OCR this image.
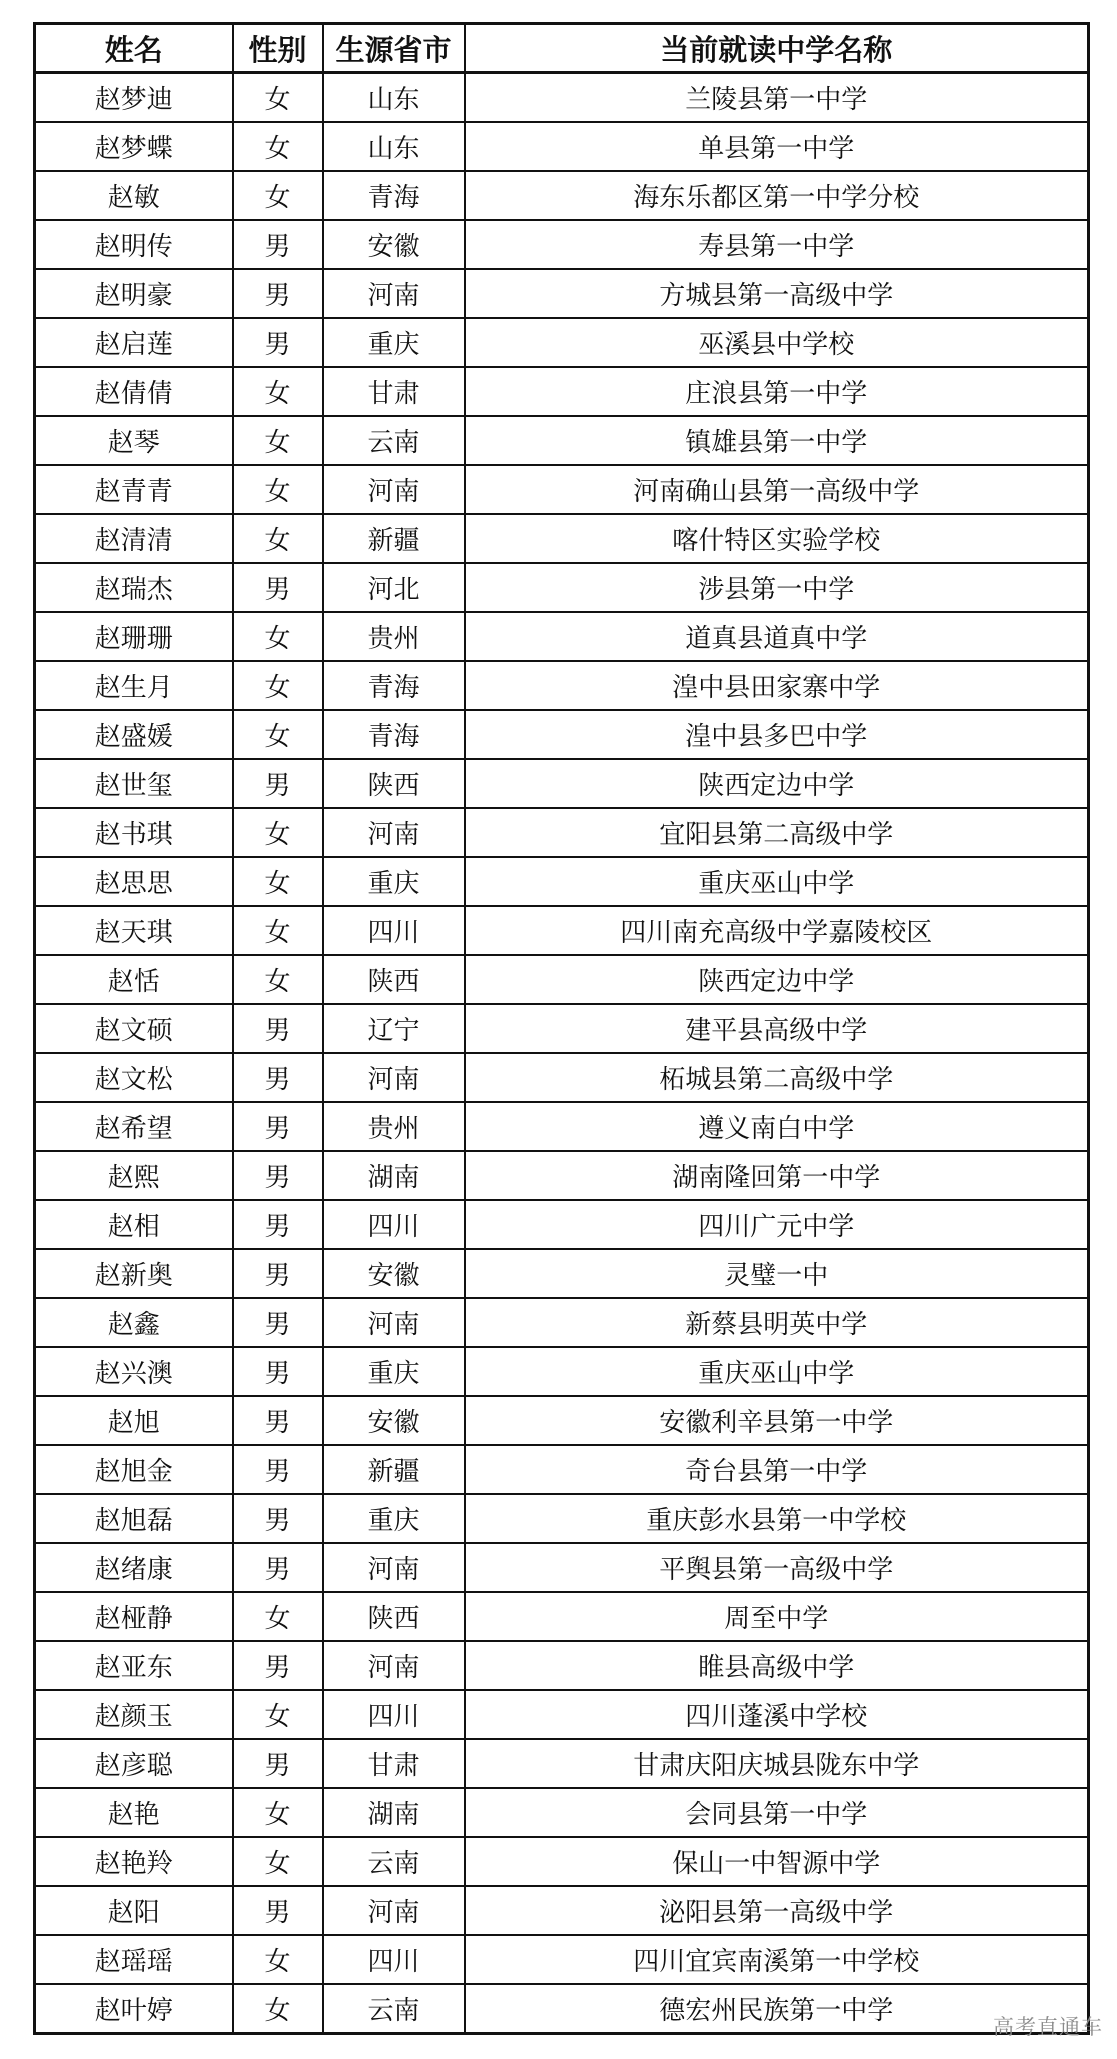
姓名	性别	生源省市	当前就读中学名称
赵梦迪	女	山东	兰陵县第一中学
赵梦蝶	女	山东	单县第一中学
赵敏	女	青海	海东乐都区第一中学分校
赵明传	男	安徽	寿县第一中学
赵明豪	男	河南	方城县第一高级中学
赵启莲	男	重庆	巫溪县中学校
赵倩倩	女	甘肃	庄浪县第一中学
赵琴	女	云南	镇雄县第一中学
赵青青	女	河南	河南确山县第一高级中学
赵清清	女	新疆	喀什特区实验学校
赵瑞杰	男	河北	涉县第一中学
赵珊珊	女	贵州	道真县道真中学
赵生月	女	青海	湟中县田家寨中学
赵盛媛	女	青海	湟中县多巴中学
赵世玺	男	陕西	陕西定边中学
赵书琪	女	河南	宜阳县第二高级中学
赵思思	女	重庆	重庆巫山中学
赵天琪	女	四川	四川南充高级中学嘉陵校区
赵恬	女	陕西	陕西定边中学
赵文硕	男	辽宁	建平县高级中学
赵文松	男	河南	柘城县第二高级中学
赵希望	男	贵州	遵义南白中学
赵熙	男	湖南	湖南隆回第一中学
赵相	男	四川	四川广元中学
赵新奥	男	安徽	灵璧一中
赵鑫	男	河南	新蔡县明英中学
赵兴澳	男	重庆	重庆巫山中学
赵旭	男	安徽	安徽利辛县第一中学
赵旭金	男	新疆	奇台县第一中学
赵旭磊	男	重庆	重庆彭水县第一中学校
赵绪康	男	河南	平舆县第一高级中学
赵桠静	女	陕西	周至中学
赵亚东	男	河南	睢县高级中学
赵颜玉	女	四川	四川蓬溪中学校
赵彦聪	男	甘肃	甘肃庆阳庆城县陇东中学
赵艳	女	湖南	会同县第一中学
赵艳羚	女	云南	保山一中智源中学
赵阳	男	河南	泌阳县第一高级中学
赵瑶瑶	女	四川	四川宜宾南溪第一中学校
赵叶婷	女	云南	德宏州民族第一中学
高考直通车
